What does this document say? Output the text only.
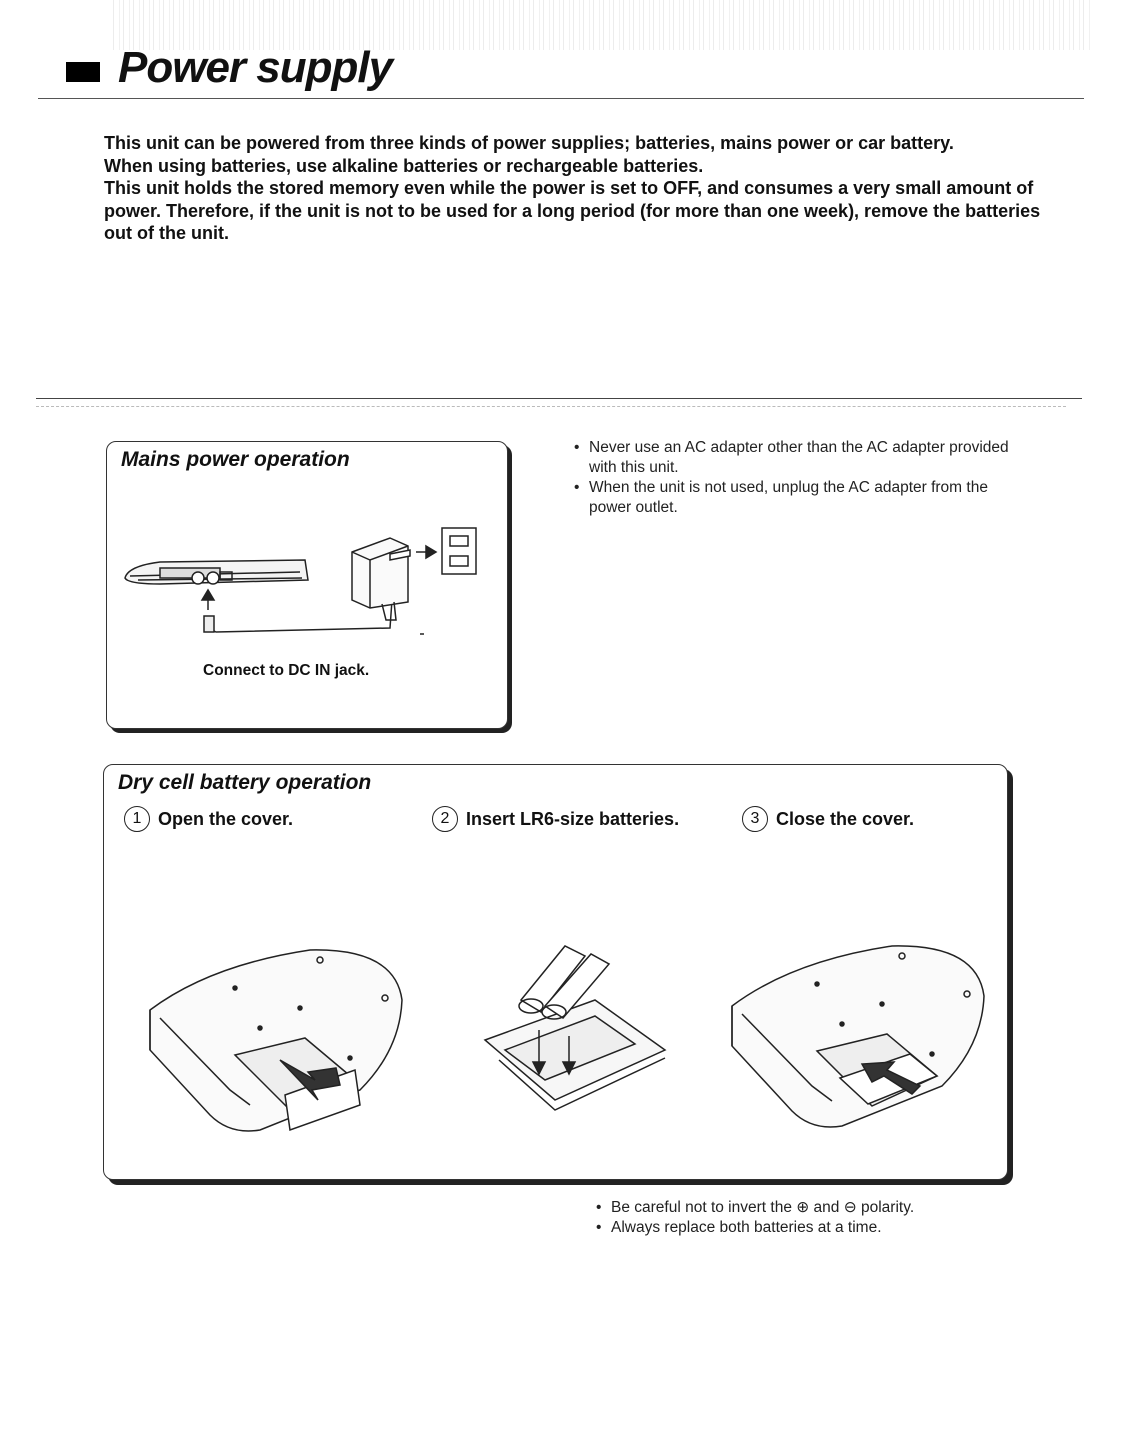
Power supply

This unit can be powered from three kinds of power supplies; batteries, mains power or car battery.

When using batteries, use alkaline batteries or rechargeable batteries.

This unit holds the stored memory even while the power is set to OFF, and consumes a very small amount of power. Therefore, if the unit is not to be used for a long period (for more than one week), remove the batteries out of the unit.

Mains power operation
Connect to DC IN jack.
• Never use an AC adapter other than the AC adapter provided with this unit.
• When the unit is not used, unplug the AC adapter from the power outlet.
Dry cell battery operation
1 Open the cover.	2 Insert LR6-size batteries.	3 Close the cover.
• Be careful not to invert the ⊕ and ⊖ polarity.
• Always replace both batteries at a time.
